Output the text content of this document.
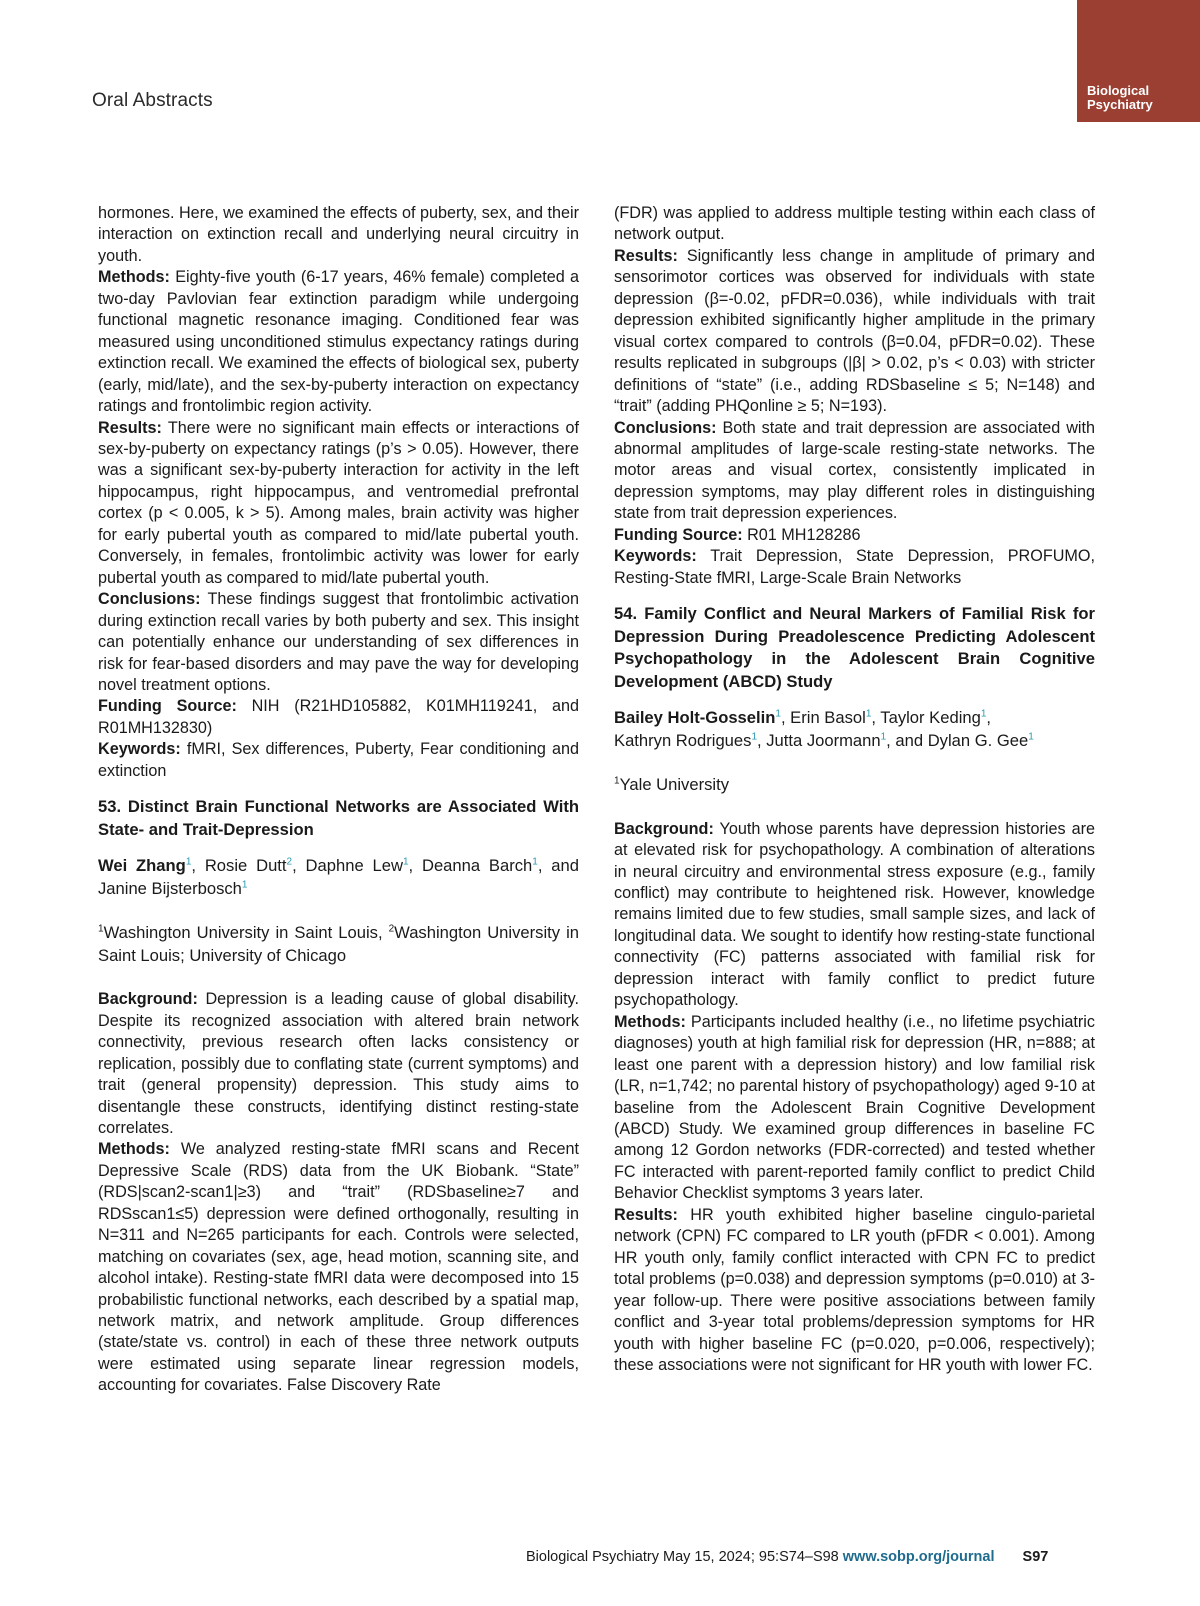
Oral Abstracts	Biological
Psychiatry

hormones. Here, we examined the effects of puberty, sex, and their interaction on extinction recall and underlying neural circuitry in youth.

Methods: Eighty-five youth (6-17 years, 46% female) completed a two-day Pavlovian fear extinction paradigm while undergoing functional magnetic resonance imaging. Conditioned fear was measured using unconditioned stimulus expectancy ratings during extinction recall. We examined the effects of biological sex, puberty (early, mid/late), and the sex-by-puberty interaction on expectancy ratings and frontolimbic region activity.

Results: There were no significant main effects or interactions of sex-by-puberty on expectancy ratings (p’s > 0.05). However, there was a significant sex-by-puberty interaction for activity in the left hippocampus, right hippocampus, and ventromedial prefrontal cortex (p < 0.005, k > 5). Among males, brain activity was higher for early pubertal youth as compared to mid/late pubertal youth. Conversely, in females, frontolimbic activity was lower for early pubertal youth as compared to mid/late pubertal youth.

Conclusions: These findings suggest that frontolimbic activation during extinction recall varies by both puberty and sex. This insight can potentially enhance our understanding of sex differences in risk for fear-based disorders and may pave the way for developing novel treatment options.

Funding Source: NIH (R21HD105882, K01MH119241, and R01MH132830)

Keywords: fMRI, Sex differences, Puberty, Fear conditioning and extinction

53. Distinct Brain Functional Networks are Associated With State- and Trait-Depression

Wei Zhang$^1$, Rosie Dutt$^2$, Daphne Lew$^1$, Deanna Barch$^1$, and Janine Bijsterbosch$^1$

$^1$Washington University in Saint Louis, $^2$Washington University in Saint Louis; University of Chicago

Background: Depression is a leading cause of global disability. Despite its recognized association with altered brain network connectivity, previous research often lacks consistency or replication, possibly due to conflating state (current symptoms) and trait (general propensity) depression. This study aims to disentangle these constructs, identifying distinct resting-state correlates.

Methods: We analyzed resting-state fMRI scans and Recent Depressive Scale (RDS) data from the UK Biobank. “State” (RDS|scan2-scan1|≥3) and “trait” (RDSbaseline≥7 and RDSscan1≤5) depression were defined orthogonally, resulting in N=311 and N=265 participants for each. Controls were selected, matching on covariates (sex, age, head motion, scanning site, and alcohol intake). Resting-state fMRI data were decomposed into 15 probabilistic functional networks, each described by a spatial map, network matrix, and network amplitude. Group differences (state/state vs. control) in each of these three network outputs were estimated using separate linear regression models, accounting for covariates. False Discovery Rate

(FDR) was applied to address multiple testing within each class of network output.

Results: Significantly less change in amplitude of primary and sensorimotor cortices was observed for individuals with state depression (β=-0.02, pFDR=0.036), while individuals with trait depression exhibited significantly higher amplitude in the primary visual cortex compared to controls (β=0.04, pFDR=0.02). These results replicated in subgroups (|β| > 0.02, p’s < 0.03) with stricter definitions of “state” (i.e., adding RDSbaseline ≤ 5; N=148) and “trait” (adding PHQonline ≥ 5; N=193).

Conclusions: Both state and trait depression are associated with abnormal amplitudes of large-scale resting-state networks. The motor areas and visual cortex, consistently implicated in depression symptoms, may play different roles in distinguishing state from trait depression experiences.

Funding Source: R01 MH128286

Keywords: Trait Depression, State Depression, PROFUMO, Resting-State fMRI, Large-Scale Brain Networks

54. Family Conflict and Neural Markers of Familial Risk for Depression During Preadolescence Predicting Adolescent Psychopathology in the Adolescent Brain Cognitive Development (ABCD) Study

Bailey Holt-Gosselin$^1$, Erin Basol$^1$, Taylor Keding$^1$,
Kathryn Rodrigues$^1$, Jutta Joormann$^1$, and Dylan G. Gee$^1$

$^1$Yale University

Background: Youth whose parents have depression histories are at elevated risk for psychopathology. A combination of alterations in neural circuitry and environmental stress exposure (e.g., family conflict) may contribute to heightened risk. However, knowledge remains limited due to few studies, small sample sizes, and lack of longitudinal data. We sought to identify how resting-state functional connectivity (FC) patterns associated with familial risk for depression interact with family conflict to predict future psychopathology.

Methods: Participants included healthy (i.e., no lifetime psychiatric diagnoses) youth at high familial risk for depression (HR, n=888; at least one parent with a depression history) and low familial risk (LR, n=1,742; no parental history of psychopathology) aged 9-10 at baseline from the Adolescent Brain Cognitive Development (ABCD) Study. We examined group differences in baseline FC among 12 Gordon networks (FDR-corrected) and tested whether FC interacted with parent-reported family conflict to predict Child Behavior Checklist symptoms 3 years later.

Results: HR youth exhibited higher baseline cingulo-parietal network (CPN) FC compared to LR youth (pFDR < 0.001). Among HR youth only, family conflict interacted with CPN FC to predict total problems (p=0.038) and depression symptoms (p=0.010) at 3-year follow-up. There were positive associations between family conflict and 3-year total problems/depression symptoms for HR youth with higher baseline FC (p=0.020, p=0.006, respectively); these associations were not significant for HR youth with lower FC.

Biological Psychiatry May 15, 2024; 95:S74–S98 www.sobp.org/journal S97
